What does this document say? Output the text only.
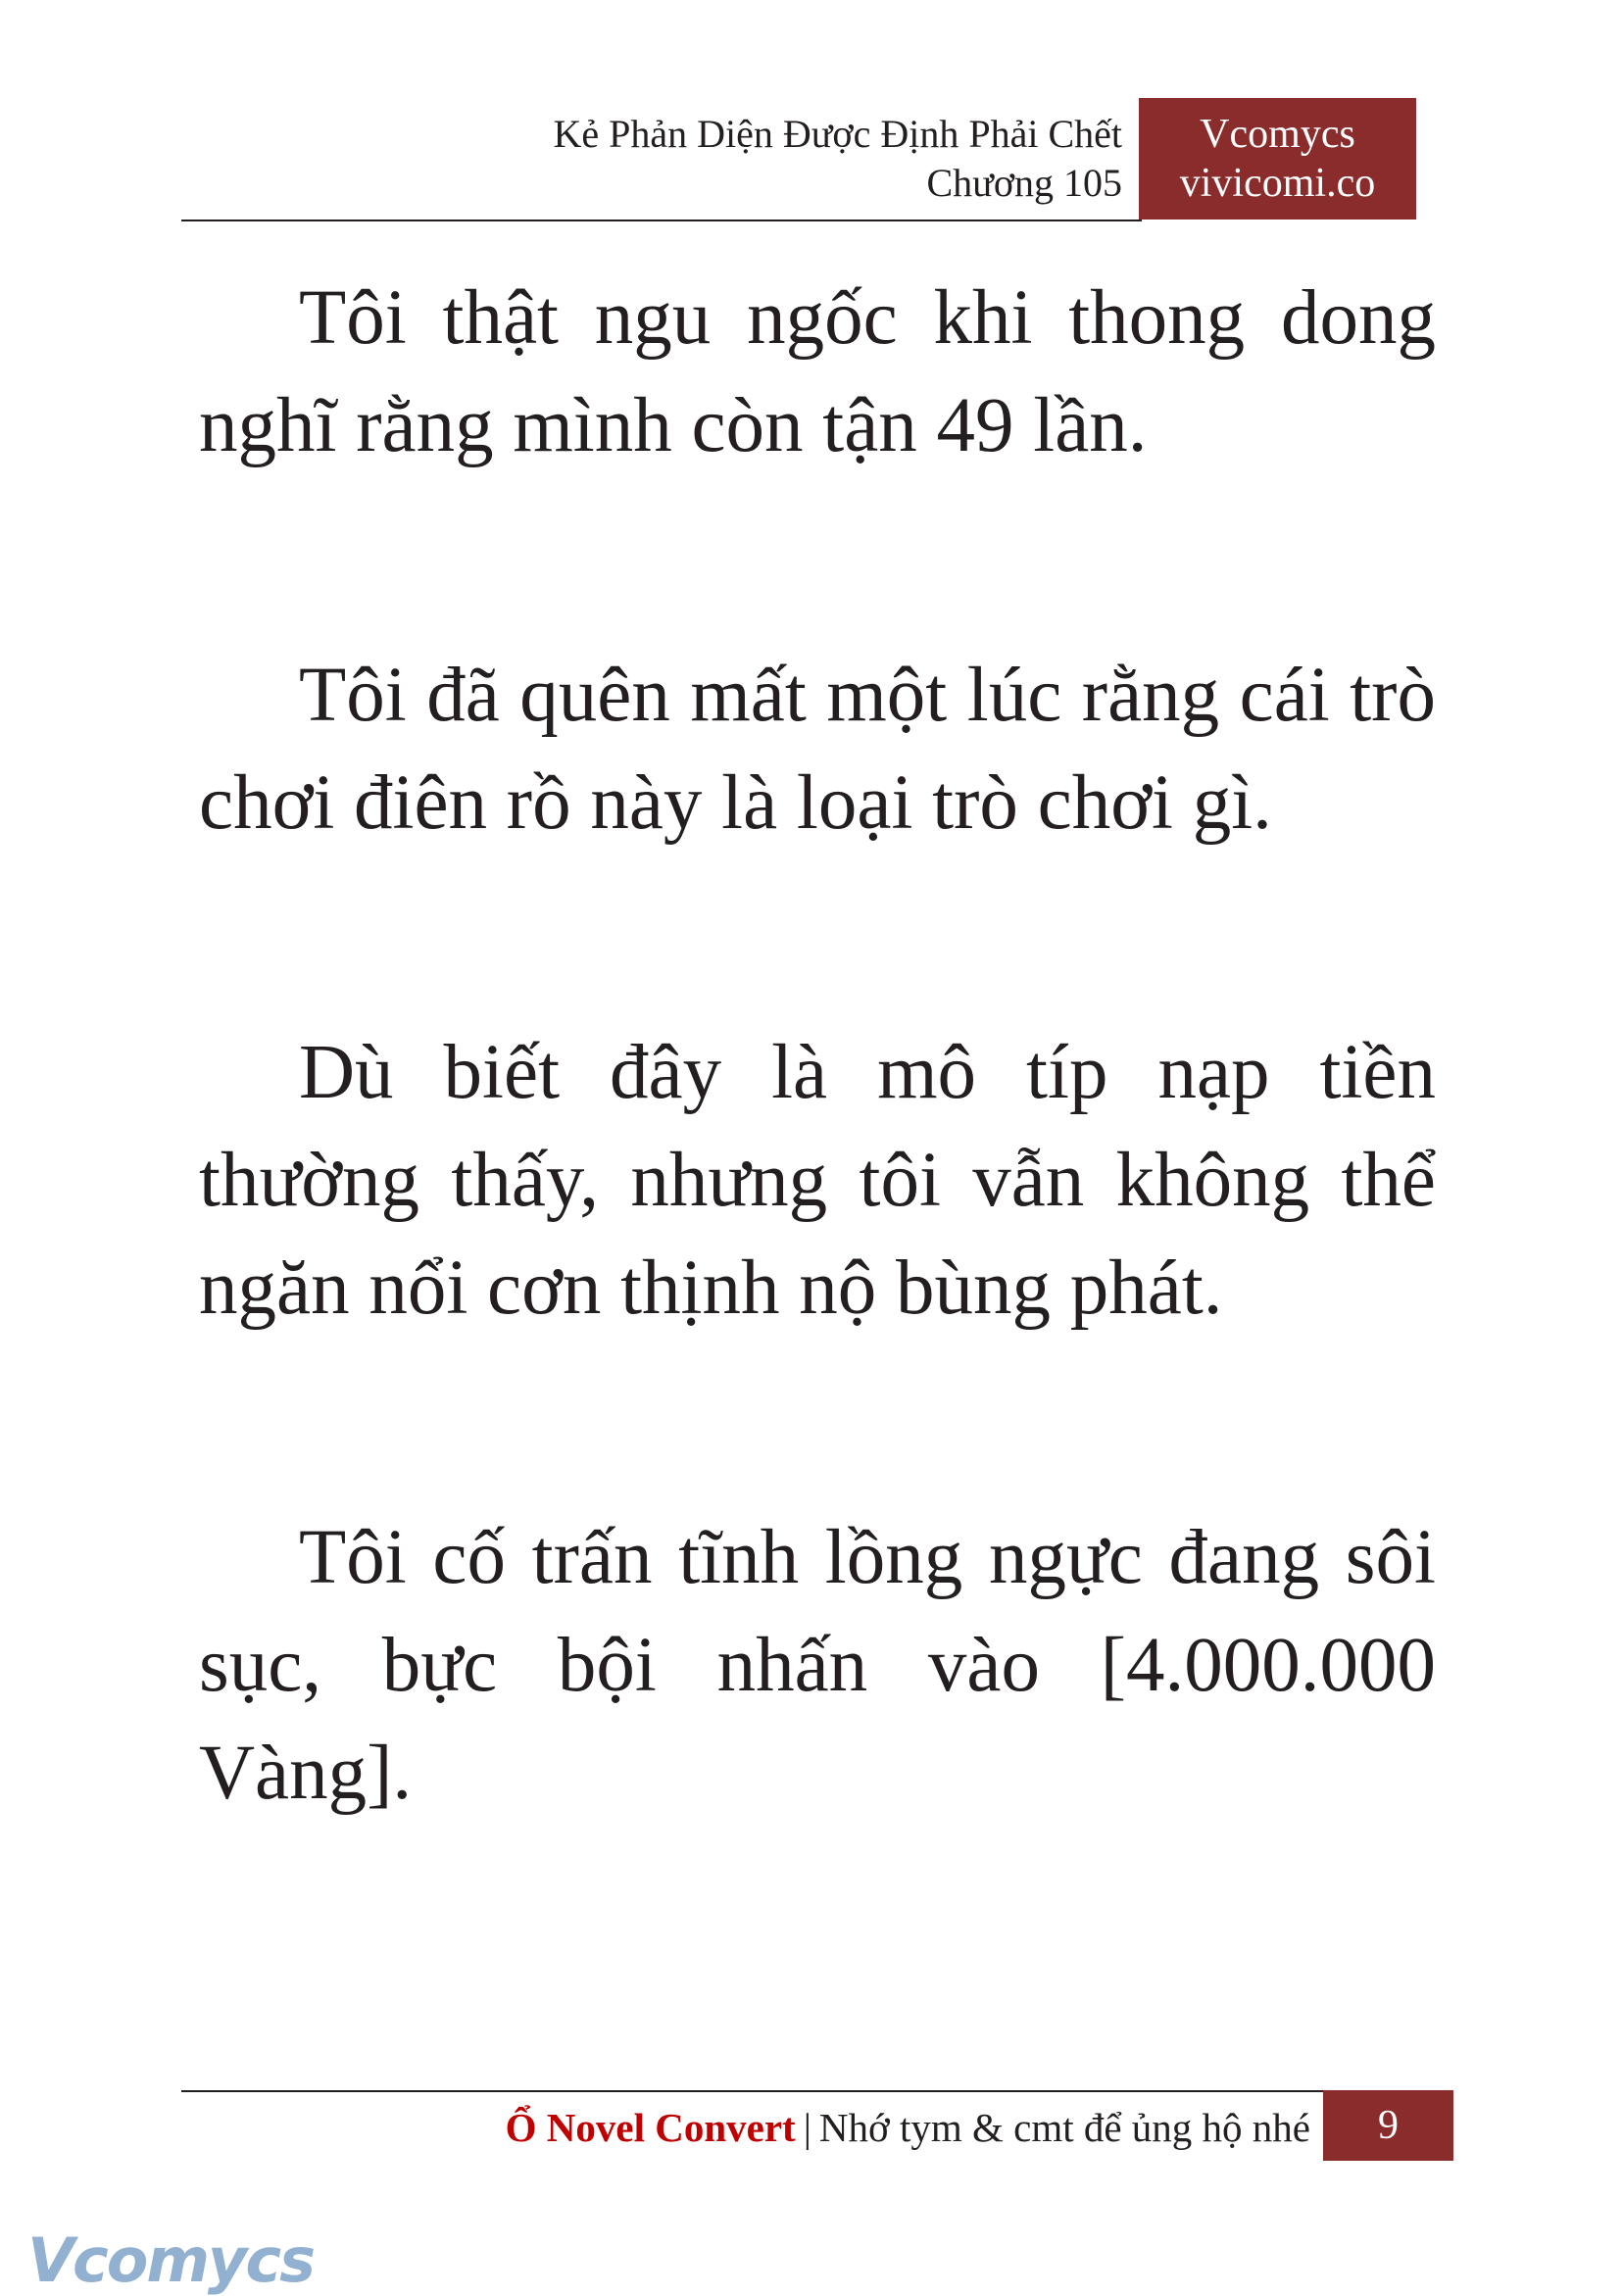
Kẻ Phản Diện Được Định Phải Chết
Chương 105
Vcomycs
vivicomi.co

Tôi thật ngu ngốc khi thong dong nghĩ rằng mình còn tận 49 lần.

Tôi đã quên mất một lúc rằng cái trò chơi điên rồ này là loại trò chơi gì.

Dù biết đây là mô típ nạp tiền thường thấy, nhưng tôi vẫn không thể ngăn nổi cơn thịnh nộ bùng phát.

Tôi cố trấn tĩnh lồng ngực đang sôi sục, bực bội nhấn vào [4.000.000 Vàng].

Ổ Novel Convert | Nhớ tym & cmt để ủng hộ nhé	9
Vcomycs
